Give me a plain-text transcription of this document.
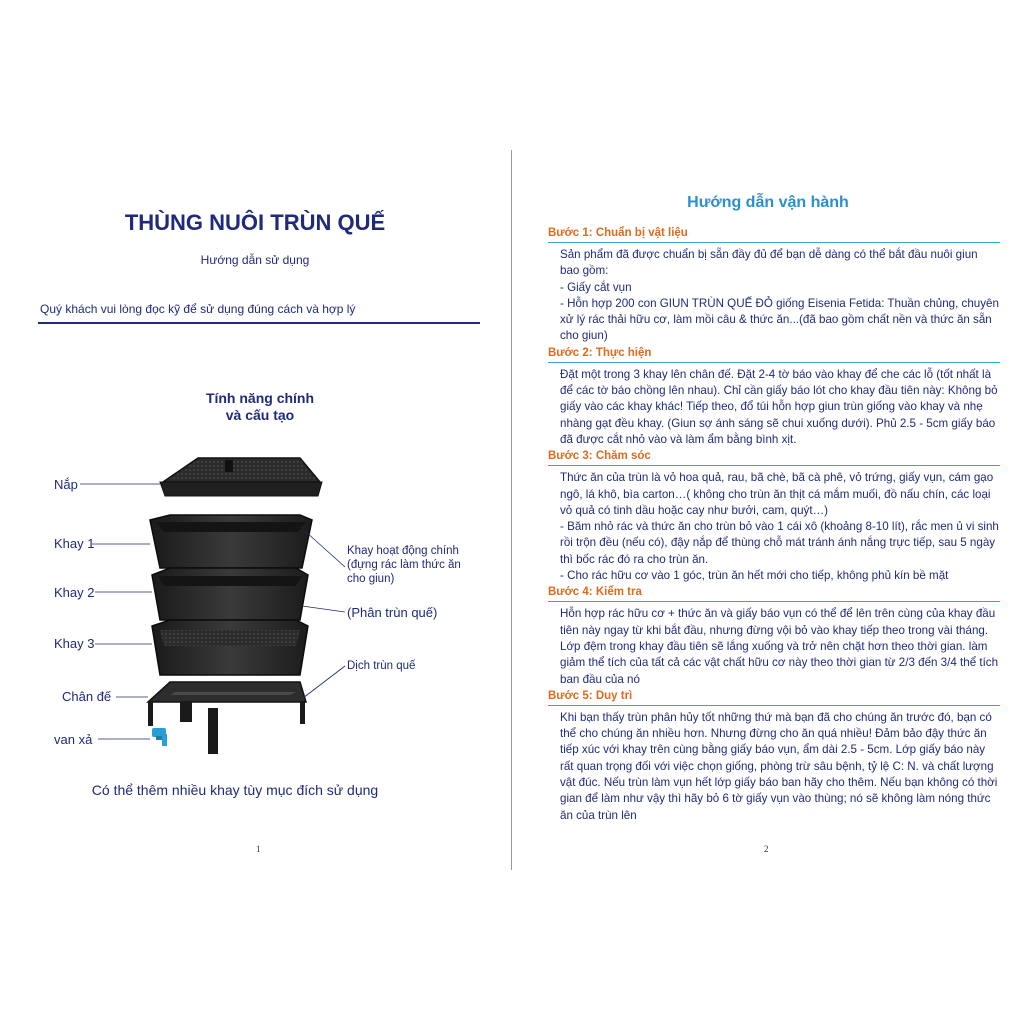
THÙNG NUÔI TRÙN QUẾ
Hướng dẫn sử dụng
Quý khách vui lòng đọc kỹ để sử dụng đúng cách và hợp lý
Tính năng chính
và cấu tạo
Nắp
Khay 1
Khay 2
Khay 3
Chân đế
van xả
Khay hoạt động chính
(đựng rác làm thức ăn cho giun)
(Phân trùn quế)
Dịch trùn quế
Có thể thêm nhiều khay tùy mục đích sử dụng
1
Hướng dẫn vận hành
Bước 1: Chuẩn bị vật liệu
Sản phẩm đã được chuẩn bị sẵn đầy đủ để bạn dễ dàng có thể bắt đầu nuôi giun bao gồm:
- Giấy cắt vụn
- Hỗn hợp 200 con GIUN TRÙN QUẾ ĐỎ giống Eisenia Fetida: Thuần chủng, chuyên xử lý rác thải hữu cơ, làm mồi câu & thức ăn...(đã bao gồm chất nền và thức ăn sẵn cho giun)
Bước 2: Thực hiện
Đặt một trong 3 khay lên chân đế. Đặt 2-4 tờ báo vào khay để che các lỗ (tốt nhất là để các tờ báo chồng lên nhau). Chỉ cần giấy báo lót cho khay đầu tiên này: Không bỏ giấy vào các khay khác! Tiếp theo, đổ túi hỗn hợp giun trùn giống vào khay và nhẹ nhàng gạt đều khay. (Giun sợ ánh sáng sẽ chui xuống dưới). Phủ 2.5 - 5cm giấy báo đã được cắt nhỏ vào và làm ẩm bằng bình xịt.
Bước 3: Chăm sóc
Thức ăn của trùn là vỏ hoa quả, rau, bã chè, bã cà phê, vỏ trứng, giấy vụn, cám gạo ngô, lá khô, bìa carton…( không cho trùn ăn thịt cá mắm muối, đồ nấu chín, các loại vỏ quả có tinh dầu hoặc cay như bưởi, cam, quýt…)
- Băm nhỏ rác và thức ăn cho trùn bỏ vào 1 cái xô (khoảng 8-10 lít), rắc men ủ vi sinh rồi trộn đều (nếu có), đậy nắp để thùng chỗ mát tránh ánh nắng trực tiếp, sau 5 ngày thì bốc rác đó ra cho trùn ăn.
- Cho rác hữu cơ vào 1 góc, trùn ăn hết mới cho tiếp, không phủ kín bề mặt
Bước 4: Kiểm tra
Hỗn hợp rác hữu cơ + thức ăn và giấy báo vụn có thể để lên trên cùng của khay đầu tiên này ngay từ khi bắt đầu, nhưng đừng vội bỏ vào khay tiếp theo trong vài tháng. Lớp đệm trong khay đầu tiên sẽ lắng xuống và trở nên chặt hơn theo thời gian. làm giảm thể tích của tất cả các vật chất hữu cơ này theo thời gian từ 2/3 đến 3/4 thể tích ban đầu của nó
Bước 5: Duy trì
Khi bạn thấy trùn phân hủy tốt những thứ mà bạn đã cho chúng ăn trước đó, bạn có thể cho chúng ăn nhiều hơn. Nhưng đừng cho ăn quá nhiều! Đảm bảo đậy thức ăn tiếp xúc với khay trên cùng bằng giấy báo vụn, ẩm dài 2.5 - 5cm. Lớp giấy báo này rất quan trọng đối với việc chọn giống, phòng trừ sâu bệnh, tỷ lệ C: N. và chất lượng vật đúc. Nếu trùn làm vụn hết lớp giấy báo ban hãy cho thêm. Nếu bạn không có thời gian để làm như vậy thì hãy bỏ 6 tờ giấy vụn vào thùng; nó sẽ không làm nóng thức ăn của trùn lên
2
